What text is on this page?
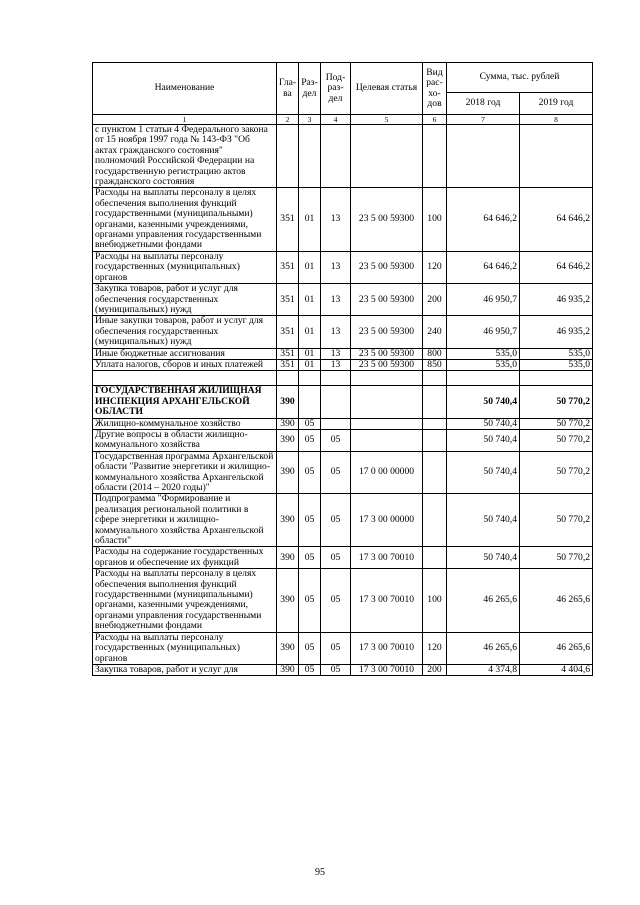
Наименование	Гла-ва	Раз-дел	Под-раз-дел	Целевая статья	Вид рас-хо-дов	Сумма, тыс. рублей	
						2018 год	2019 год
1	2	3	4	5	6	7	8
с пунктом 1 статьи 4 Федерального закона от 15 ноября 1997 года № 143-ФЗ "Об актах гражданского состояния" полномочий Российской Федерации на государственную регистрацию актов гражданского состояния							
Расходы на выплаты персоналу в целях обеспечения выполнения функций государственными (муниципальными) органами, казенными учреждениями, органами управления государственными внебюджетными фондами	351	01	13	23 5 00 59300	100	64 646,2	64 646,2
Расходы на выплаты персоналу государственных (муниципальных) органов	351	01	13	23 5 00 59300	120	64 646,2	64 646,2
Закупка товаров, работ и услуг для обеспечения государственных (муниципальных) нужд	351	01	13	23 5 00 59300	200	46 950,7	46 935,2
Иные закупки товаров, работ и услуг для обеспечения государственных (муниципальных) нужд	351	01	13	23 5 00 59300	240	46 950,7	46 935,2
Иные бюджетные ассигнования	351	01	13	23 5 00 59300	800	535,0	535,0
Уплата налогов, сборов и иных платежей	351	01	13	23 5 00 59300	850	535,0	535,0

ГОСУДАРСТВЕННАЯ ЖИЛИЩНАЯ ИНСПЕКЦИЯ АРХАНГЕЛЬСКОЙ ОБЛАСТИ	390					50 740,4	50 770,2
Жилищно-коммунальное хозяйство	390	05				50 740,4	50 770,2
Другие вопросы в области жилищно-коммунального хозяйства	390	05	05			50 740,4	50 770,2
Государственная программа Архангельской области "Развитие энергетики и жилищно-коммунального хозяйства Архангельской области (2014 – 2020 годы)"	390	05	05	17 0 00 00000		50 740,4	50 770,2
Подпрограмма "Формирование и реализация региональной политики в сфере энергетики и жилищно-коммунального хозяйства Архангельской области"	390	05	05	17 3 00 00000		50 740,4	50 770,2
Расходы на содержание государственных органов и обеспечение их функций	390	05	05	17 3 00 70010		50 740,4	50 770,2
Расходы на выплаты персоналу в целях обеспечения выполнения функций государственными (муниципальными) органами, казенными учреждениями, органами управления государственными внебюджетными фондами	390	05	05	17 3 00 70010	100	46 265,6	46 265,6
Расходы на выплаты персоналу государственных (муниципальных) органов	390	05	05	17 3 00 70010	120	46 265,6	46 265,6
Закупка товаров, работ и услуг для	390	05	05	17 3 00 70010	200	4 374,8	4 404,6
95
